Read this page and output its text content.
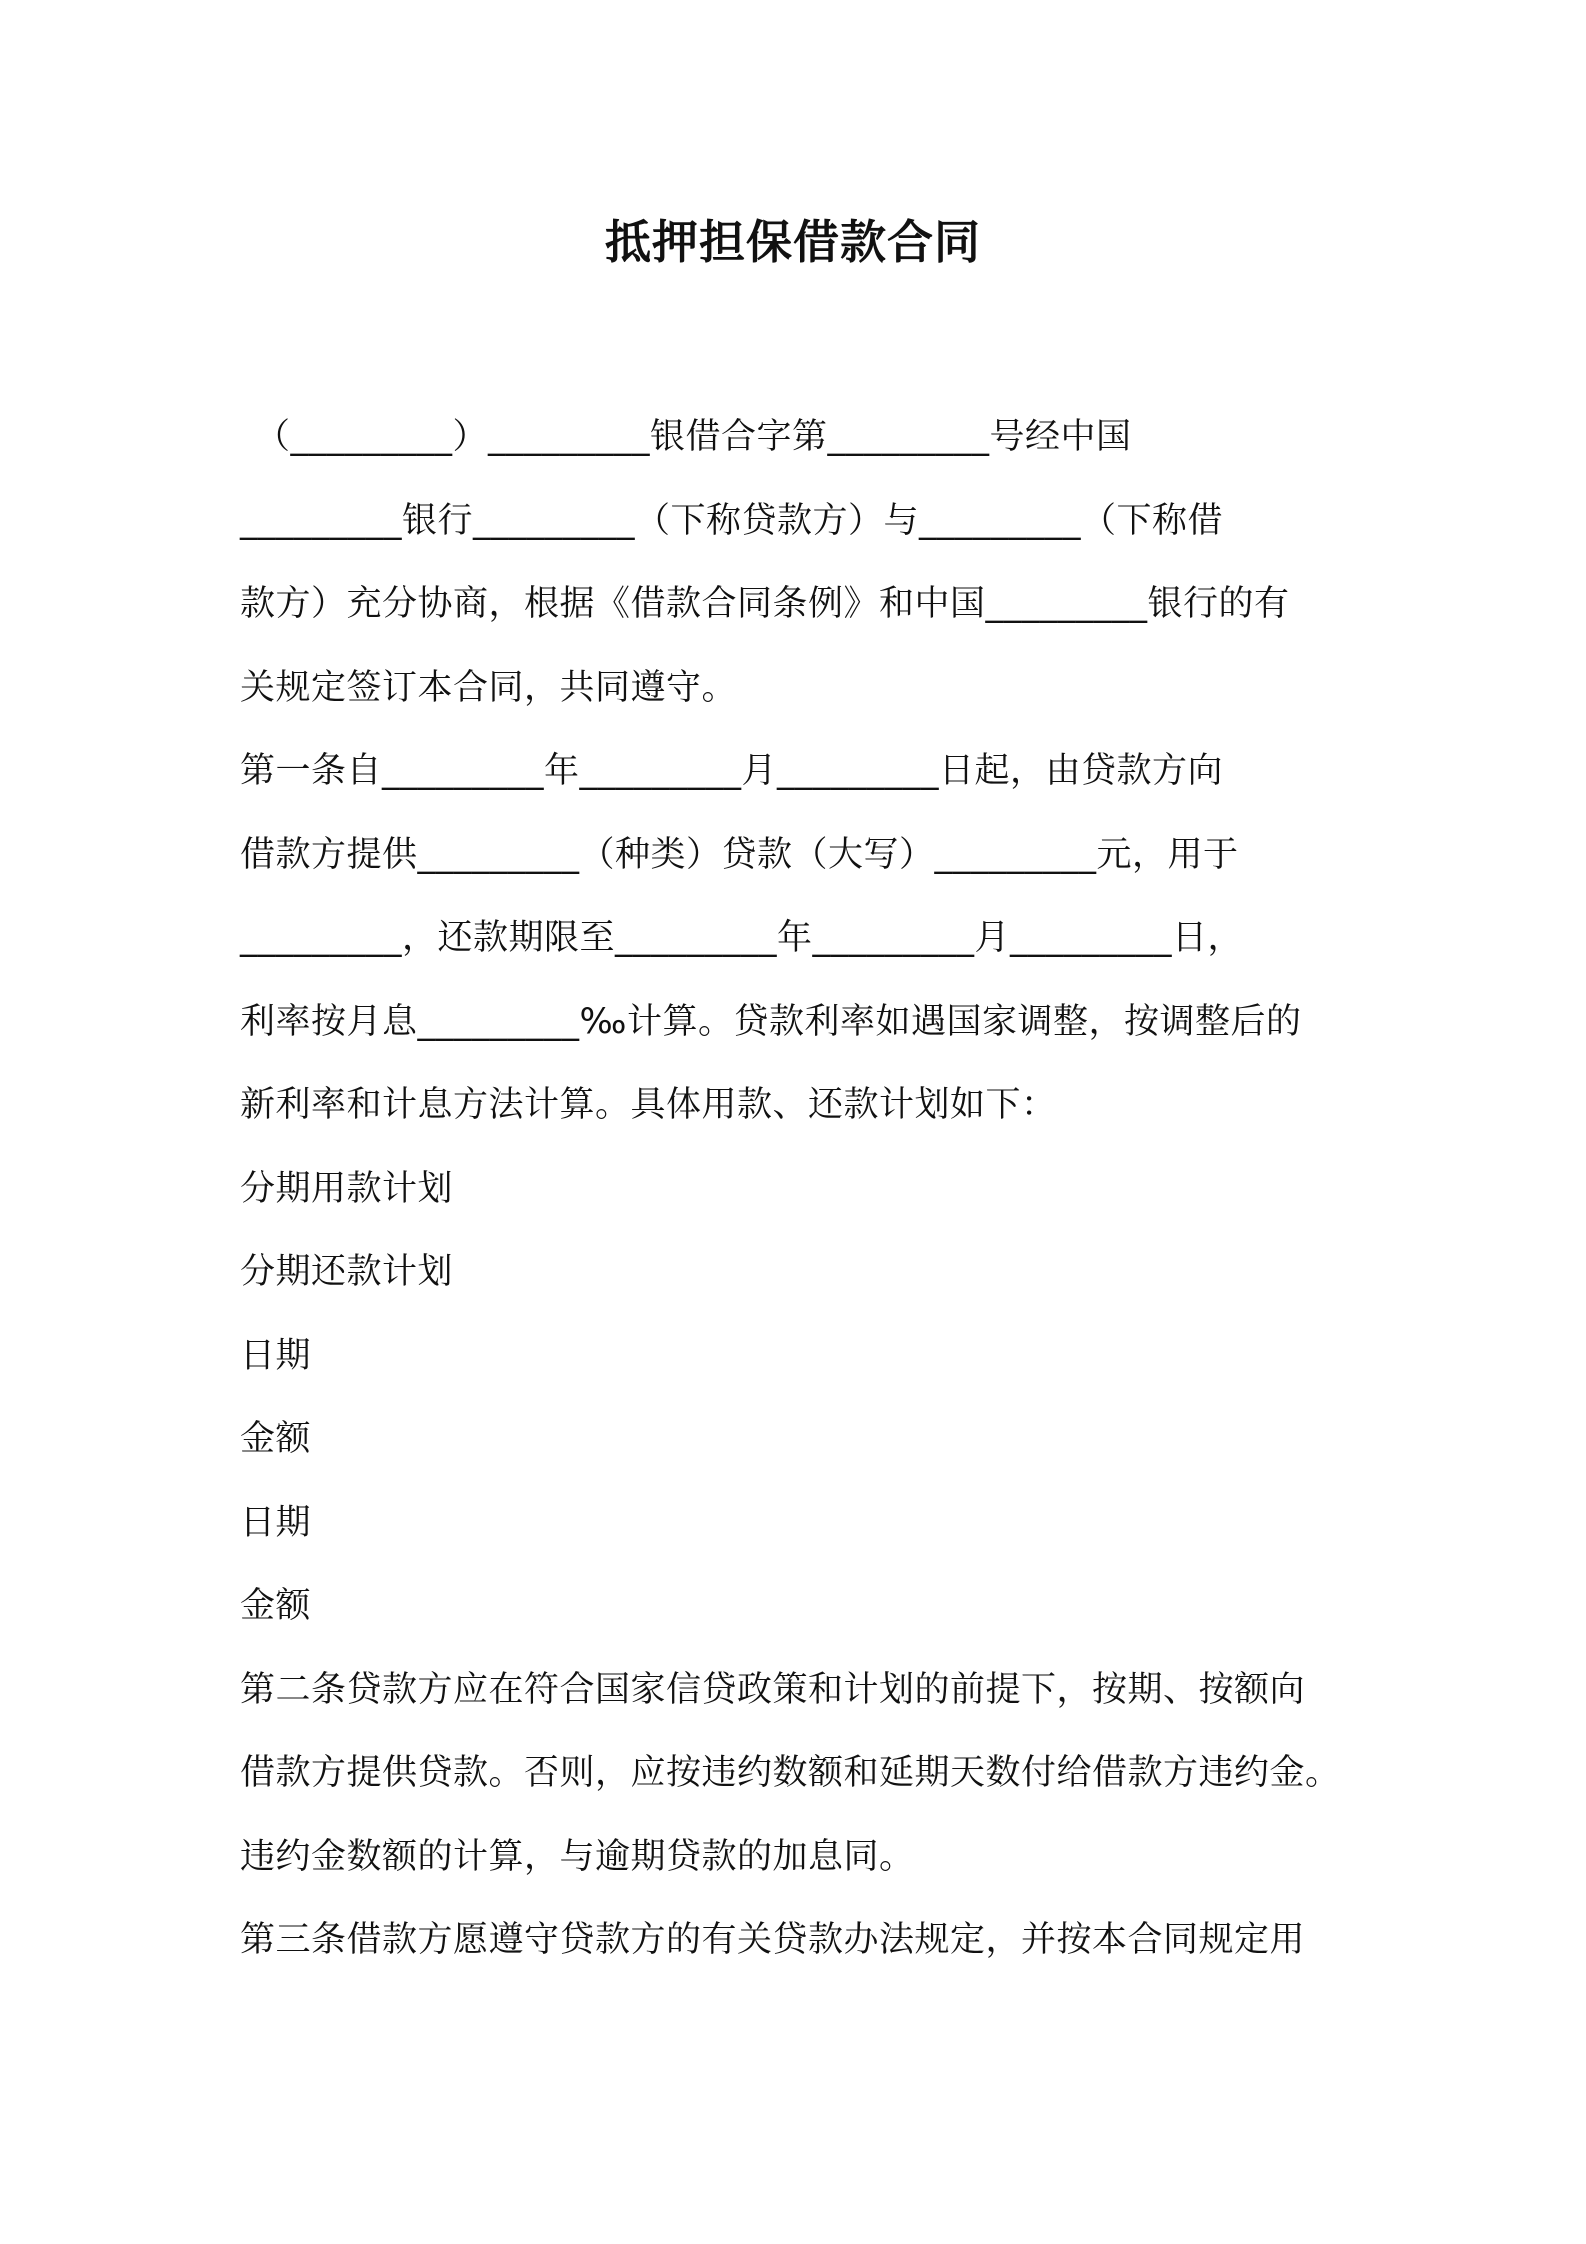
抵押担保借款合同
（_________）_________银借合字第_________号经中国
_________银行_________（下称贷款方）与_________（下称借
款方）充分协商，根据《借款合同条例》和中国_________银行的有
关规定签订本合同，共同遵守。
第一条自_________年_________月_________日起，由贷款方向
借款方提供_________（种类）贷款（大写）_________元，用于
_________，还款期限至_________年_________月_________日，
利率按月息_________‰计算。贷款利率如遇国家调整，按调整后的
新利率和计息方法计算。具体用款、还款计划如下：
分期用款计划
分期还款计划
日期
金额
日期
金额
第二条贷款方应在符合国家信贷政策和计划的前提下，按期、按额向
借款方提供贷款。否则，应按违约数额和延期天数付给借款方违约金。
违约金数额的计算，与逾期贷款的加息同。
第三条借款方愿遵守贷款方的有关贷款办法规定，并按本合同规定用
